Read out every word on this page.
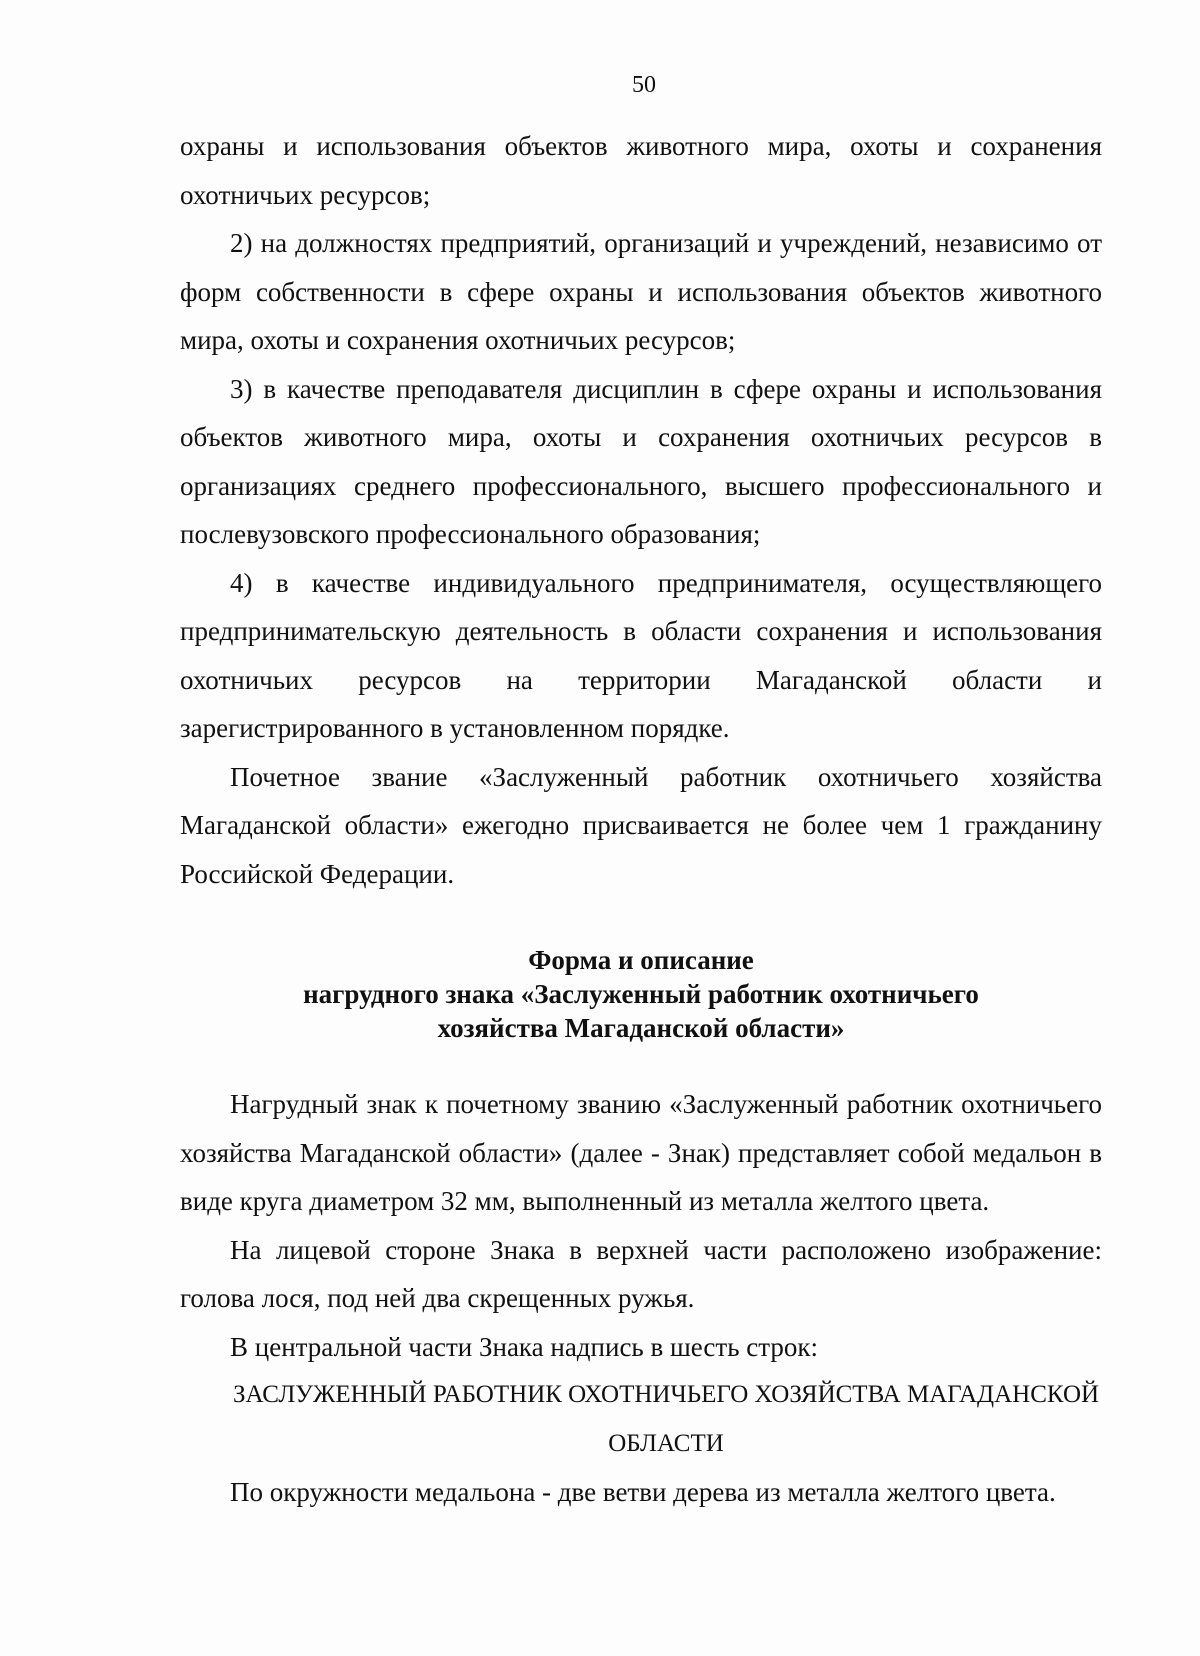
50

охраны и использования объектов животного мира, охоты и сохранения охотничьих ресурсов;

2) на должностях предприятий, организаций и учреждений, независимо от форм собственности в сфере охраны и использования объектов животного мира, охоты и сохранения охотничьих ресурсов;

3) в качестве преподавателя дисциплин в сфере охраны и использования объектов животного мира, охоты и сохранения охотничьих ресурсов в организациях среднего профессионального, высшего профессионального и послевузовского профессионального образования;

4) в качестве индивидуального предпринимателя, осуществляющего предпринимательскую деятельность в области сохранения и использования охотничьих ресурсов на территории Магаданской области и зарегистрированного в установленном порядке.

Почетное звание «Заслуженный работник охотничьего хозяйства Магаданской области» ежегодно присваивается не более чем 1 гражданину Российской Федерации.

Форма и описание

нагрудного знака «Заслуженный работник охотничьего

хозяйства Магаданской области»

Нагрудный знак к почетному званию «Заслуженный работник охотничьего хозяйства Магаданской области» (далее - Знак) представляет собой медальон в виде круга диаметром 32 мм, выполненный из металла желтого цвета.

На лицевой стороне Знака в верхней части расположено изображение: голова лося, под ней два скрещенных ружья.

В центральной части Знака надпись в шесть строк:

ЗАСЛУЖЕННЫЙ РАБОТНИК ОХОТНИЧЬЕГО ХОЗЯЙСТВА МАГАДАНСКОЙ ОБЛАСТИ

По окружности медальона - две ветви дерева из металла желтого цвета.
